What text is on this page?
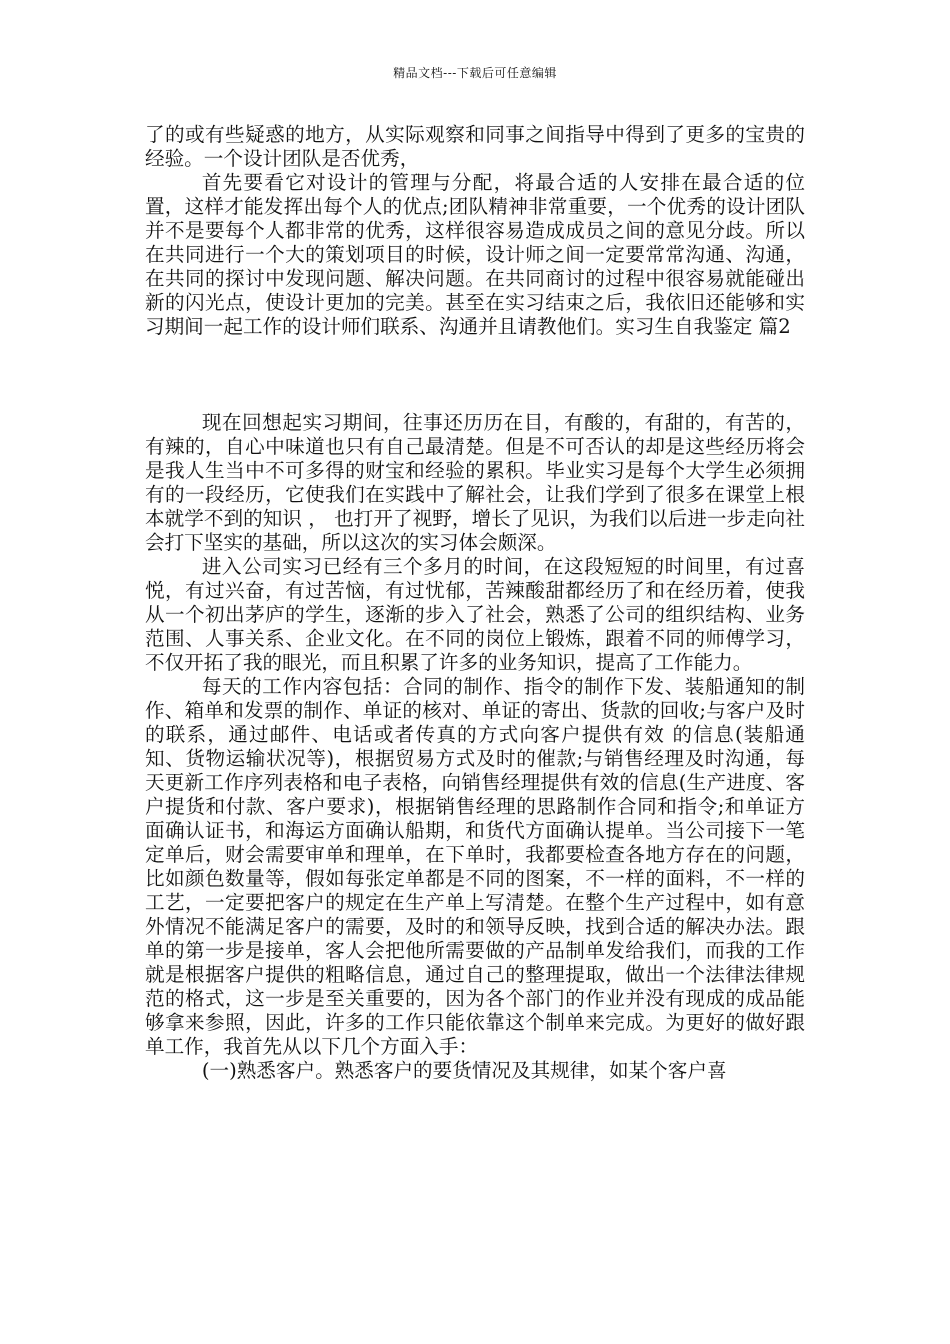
精品文档---下载后可任意编辑

了的或有些疑惑的地方，从实际观察和同事之间指导中得到了更多的宝贵的经验。一个设计团队是否优秀，

首先要看它对设计的管理与分配，将最合适的人安排在最合适的位置，这样才能发挥出每个人的优点;团队精神非常重要，一个优秀的设计团队并不是要每个人都非常的优秀，这样很容易造成成员之间的意见分歧。所以在共同进行一个大的策划项目的时候，设计师之间一定要常常沟通、沟通，在共同的探讨中发现问题、解决问题。在共同商讨的过程中很容易就能碰出新的闪光点，使设计更加的完美。甚至在实习结束之后，我依旧还能够和实习期间一起工作的设计师们联系、沟通并且请教他们。实习生自我鉴定 篇2

现在回想起实习期间，往事还历历在目，有酸的，有甜的，有苦的，有辣的，自心中味道也只有自己最清楚。但是不可否认的却是这些经历将会是我人生当中不可多得的财宝和经验的累积。毕业实习是每个大学生必须拥有的一段经历，它使我们在实践中了解社会，让我们学到了很多在课堂上根本就学不到的知识 ， 也打开了视野，增长了见识，为我们以后进一步走向社会打下坚实的基础，所以这次的实习体会颇深。

进入公司实习已经有三个多月的时间，在这段短短的时间里，有过喜悦，有过兴奋，有过苦恼，有过忧郁，苦辣酸甜都经历了和在经历着，使我从一个初出茅庐的学生，逐渐的步入了社会，熟悉了公司的组织结构、业务范围、人事关系、企业文化。在不同的岗位上锻炼，跟着不同的师傅学习，不仅开拓了我的眼光，而且积累了许多的业务知识，提高了工作能力。

每天的工作内容包括：合同的制作、指令的制作下发、装船通知的制作、箱单和发票的制作、单证的核对、单证的寄出、货款的回收;与客户及时的联系，通过邮件、电话或者传真的方式向客户提供有效 的信息(装船通知、货物运输状况等)，根据贸易方式及时的催款;与销售经理及时沟通，每天更新工作序列表格和电子表格，向销售经理提供有效的信息(生产进度、客户提货和付款、客户要求)，根据销售经理的思路制作合同和指令;和单证方面确认证书，和海运方面确认船期，和货代方面确认提单。当公司接下一笔定单后，财会需要审单和理单，在下单时，我都要检查各地方存在的问题，比如颜色数量等，假如每张定单都是不同的图案，不一样的面料，不一样的工艺，一定要把客户的规定在生产单上写清楚。在整个生产过程中，如有意外情况不能满足客户的需要，及时的和领导反映，找到合适的解决办法。跟单的第一步是接单，客人会把他所需要做的产品制单发给我们，而我的工作就是根据客户提供的粗略信息，通过自己的整理提取，做出一个法律法律规范的格式，这一步是至关重要的，因为各个部门的作业并没有现成的成品能够拿来参照，因此，许多的工作只能依靠这个制单来完成。为更好的做好跟单工作，我首先从以下几个方面入手：

(一)熟悉客户。熟悉客户的要货情况及其规律，如某个客户喜
